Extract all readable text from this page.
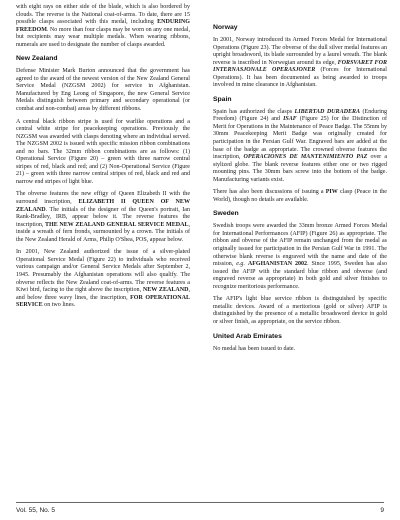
with eight rays on either side of the blade, which is also bordered by clouds. The reverse is the National coat-of-arms. To date, there are 15 possible clasps associated with this medal, including ENDURING FREEDOM. No more than four clasps may be worn on any one medal, but recipients may wear multiple medals. When wearing ribbons, numerals are used to designate the number of clasps awarded.

New Zealand

Defense Minister Mark Burton announced that the government has agreed to the award of the newest version of the New Zealand General Service Medal (NZGSM 2002) for service in Afghanistan. Manufactured by Eng Leong of Singapore, the new General Service Medals distinguish between primary and secondary operational (or combat and non-combat) areas by different ribbons.

A central black ribbon stripe is used for warlike operations and a central white stripe for peacekeeping operations. Previously the NZGSM was awarded with clasps denoting where an individual served. The NZGSM 2002 is issued with specific mission ribbon combinations and no bars. The 32mm ribbon combinations are as follows: (1) Operational Service (Figure 20) – green with three narrow central stripes of red, black and red; and (2) Non-Operational Service (Figure 21) – green with three narrow central stripes of red, black and red and narrow end stripes of light blue.

The obverse features the new effigy of Queen Elizabeth II with the surround inscription, ELIZABETH II QUEEN OF NEW ZEALAND. The initials of the designer of the Queen's portrait, Ian Rank-Bradley, IRB, appear below it. The reverse features the inscription, THE NEW ZEALAND GENERAL SERVICE MEDAL, inside a wreath of fern fronds, surmounted by a crown. The initials of the New Zealand Herald of Arms, Philip O'Shea, POS, appear below.

In 2001, New Zealand authorized the issue of a silver-plated Operational Service Medal (Figure 22) to individuals who received various campaign and/or General Service Medals after September 2, 1945. Presumably the Afghanistan operations will also qualify. The obverse reflects the New Zealand coat-of-arms. The reverse features a Kiwi bird, facing to the right above the inscription, NEW ZEALAND, and below three wavy lines, the inscription, FOR OPERATIONAL SERVICE on two lines.

Norway

In 2001, Norway introduced its Armed Forces Medal for International Operations (Figure 23). The obverse of the dull silver medal features an upright broadsword, its blade surrounded by a laurel wreath. The blank reverse is inscribed in Norwegian around its edge, FORSVARET FOR INTERNASJONALE OPERASJONER (Forces for International Operations). It has been documented as being awarded to troops involved in mine clearance in Afghanistan.

Spain

Spain has authorized the clasps LIBERTAD DURADERA (Enduring Freedom) (Figure 24) and ISAF (Figure 25) for the Distinction of Merit for Operations in the Maintenance of Peace Badge. The 55mm by 30mm Peacekeeping Merit Badge was originally created for participation in the Persian Gulf War. Engraved bars are added at the base of the badge as appropriate. The crowned obverse features the inscription, OPERACIONES DE MANTENIMIENTO PAZ over a stylized globe. The blank reverse features either one or two rigged mounting pins. The 30mm bars screw into the bottom of the badge. Manufacturing variants exist.

There has also been discussions of issuing a PIW clasp (Peace in the World), though no details are available.

Sweden

Swedish troops were awarded the 33mm bronze Armed Forces Medal for International Performances (AFIP) (Figure 26) as appropriate. The ribbon and obverse of the AFIP remain unchanged from the medal as originally issued for participation in the Persian Gulf War in 1991. The otherwise blank reverse is engraved with the name and date of the mission, e.g. AFGHANISTAN 2002. Since 1995, Sweden has also issued the AFIP with the standard blue ribbon and obverse (and engraved reverse as appropriate) in both gold and silver finishes to recognize meritorious performance.

The AFIP's light blue service ribbon is distinguished by specific metallic devices. Award of a meritorious (gold or silver) AFIP is distinguished by the presence of a metallic broadsword device in gold or silver finish, as appropriate, on the service ribbon.

United Arab Emirates

No medal has been issued to date.

Vol. 55, No. 5	9
